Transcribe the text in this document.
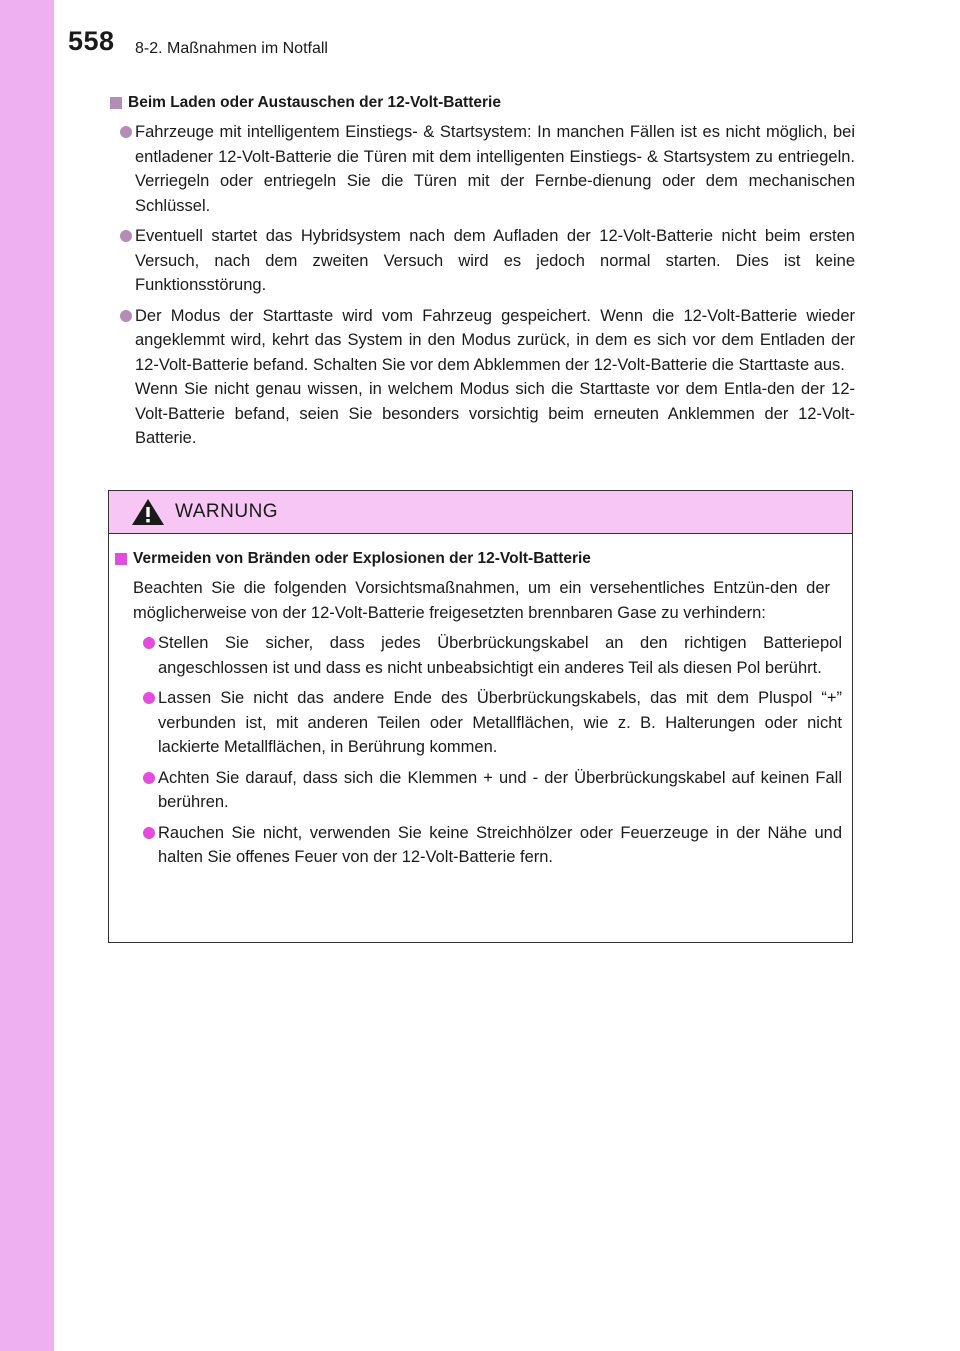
558 8-2. Maßnahmen im Notfall
Beim Laden oder Austauschen der 12-Volt-Batterie
Fahrzeuge mit intelligentem Einstiegs- & Startsystem: In manchen Fällen ist es nicht möglich, bei entladener 12-Volt-Batterie die Türen mit dem intelligenten Einstiegs- & Startsystem zu entriegeln. Verriegeln oder entriegeln Sie die Türen mit der Fernbe-dienung oder dem mechanischen Schlüssel.
Eventuell startet das Hybridsystem nach dem Aufladen der 12-Volt-Batterie nicht beim ersten Versuch, nach dem zweiten Versuch wird es jedoch normal starten. Dies ist keine Funktionsstörung.
Der Modus der Starttaste wird vom Fahrzeug gespeichert. Wenn die 12-Volt-Batterie wieder angeklemmt wird, kehrt das System in den Modus zurück, in dem es sich vor dem Entladen der 12-Volt-Batterie befand. Schalten Sie vor dem Abklemmen der 12-Volt-Batterie die Starttaste aus.
Wenn Sie nicht genau wissen, in welchem Modus sich die Starttaste vor dem Entla-den der 12-Volt-Batterie befand, seien Sie besonders vorsichtig beim erneuten Anklemmen der 12-Volt-Batterie.
WARNUNG
Vermeiden von Bränden oder Explosionen der 12-Volt-Batterie
Beachten Sie die folgenden Vorsichtsmaßnahmen, um ein versehentliches Entzün-den der möglicherweise von der 12-Volt-Batterie freigesetzten brennbaren Gase zu verhindern:
Stellen Sie sicher, dass jedes Überbrückungskabel an den richtigen Batteriepol angeschlossen ist und dass es nicht unbeabsichtigt ein anderes Teil als diesen Pol berührt.
Lassen Sie nicht das andere Ende des Überbrückungskabels, das mit dem Pluspol “+” verbunden ist, mit anderen Teilen oder Metallflächen, wie z. B. Halterungen oder nicht lackierte Metallflächen, in Berührung kommen.
Achten Sie darauf, dass sich die Klemmen + und - der Überbrückungskabel auf keinen Fall berühren.
Rauchen Sie nicht, verwenden Sie keine Streichhölzer oder Feuerzeuge in der Nähe und halten Sie offenes Feuer von der 12-Volt-Batterie fern.
